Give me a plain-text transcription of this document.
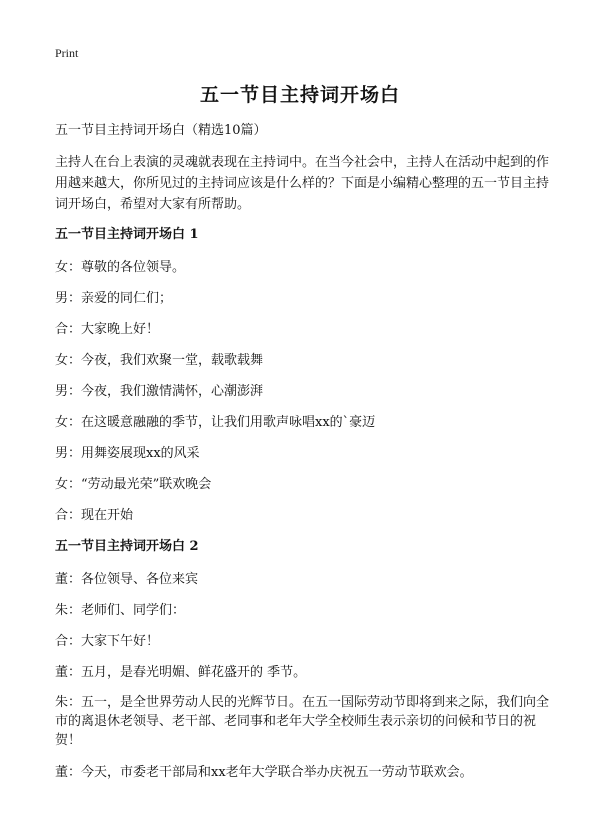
Print
五一节目主持词开场白

五一节目主持词开场白（精选10篇）

主持人在台上表演的灵魂就表现在主持词中。在当今社会中，主持人在活动中起到的作用越来越大，你所见过的主持词应该是什么样的？下面是小编精心整理的五一节目主持词开场白，希望对大家有所帮助。

五一节目主持词开场白 1
女：尊敬的各位领导。
男：亲爱的同仁们；
合：大家晚上好！
女：今夜，我们欢聚一堂，载歌载舞
男：今夜，我们激情满怀，心潮澎湃
女：在这暖意融融的季节，让我们用歌声咏唱xx的`豪迈
男：用舞姿展现xx的风采
女：“劳动最光荣”联欢晚会
合：现在开始
五一节目主持词开场白 2
董：各位领导、各位来宾
朱：老师们、同学们：
合：大家下午好！
董：五月，是春光明媚、鲜花盛开的 季节。
朱：五一，是全世界劳动人民的光辉节日。在五一国际劳动节即将到来之际，我们向全市的离退休老领导、老干部、老同事和老年大学全校师生表示亲切的问候和节日的祝贺！
董：今天，市委老干部局和xx老年大学联合举办庆祝五一劳动节联欢会。
